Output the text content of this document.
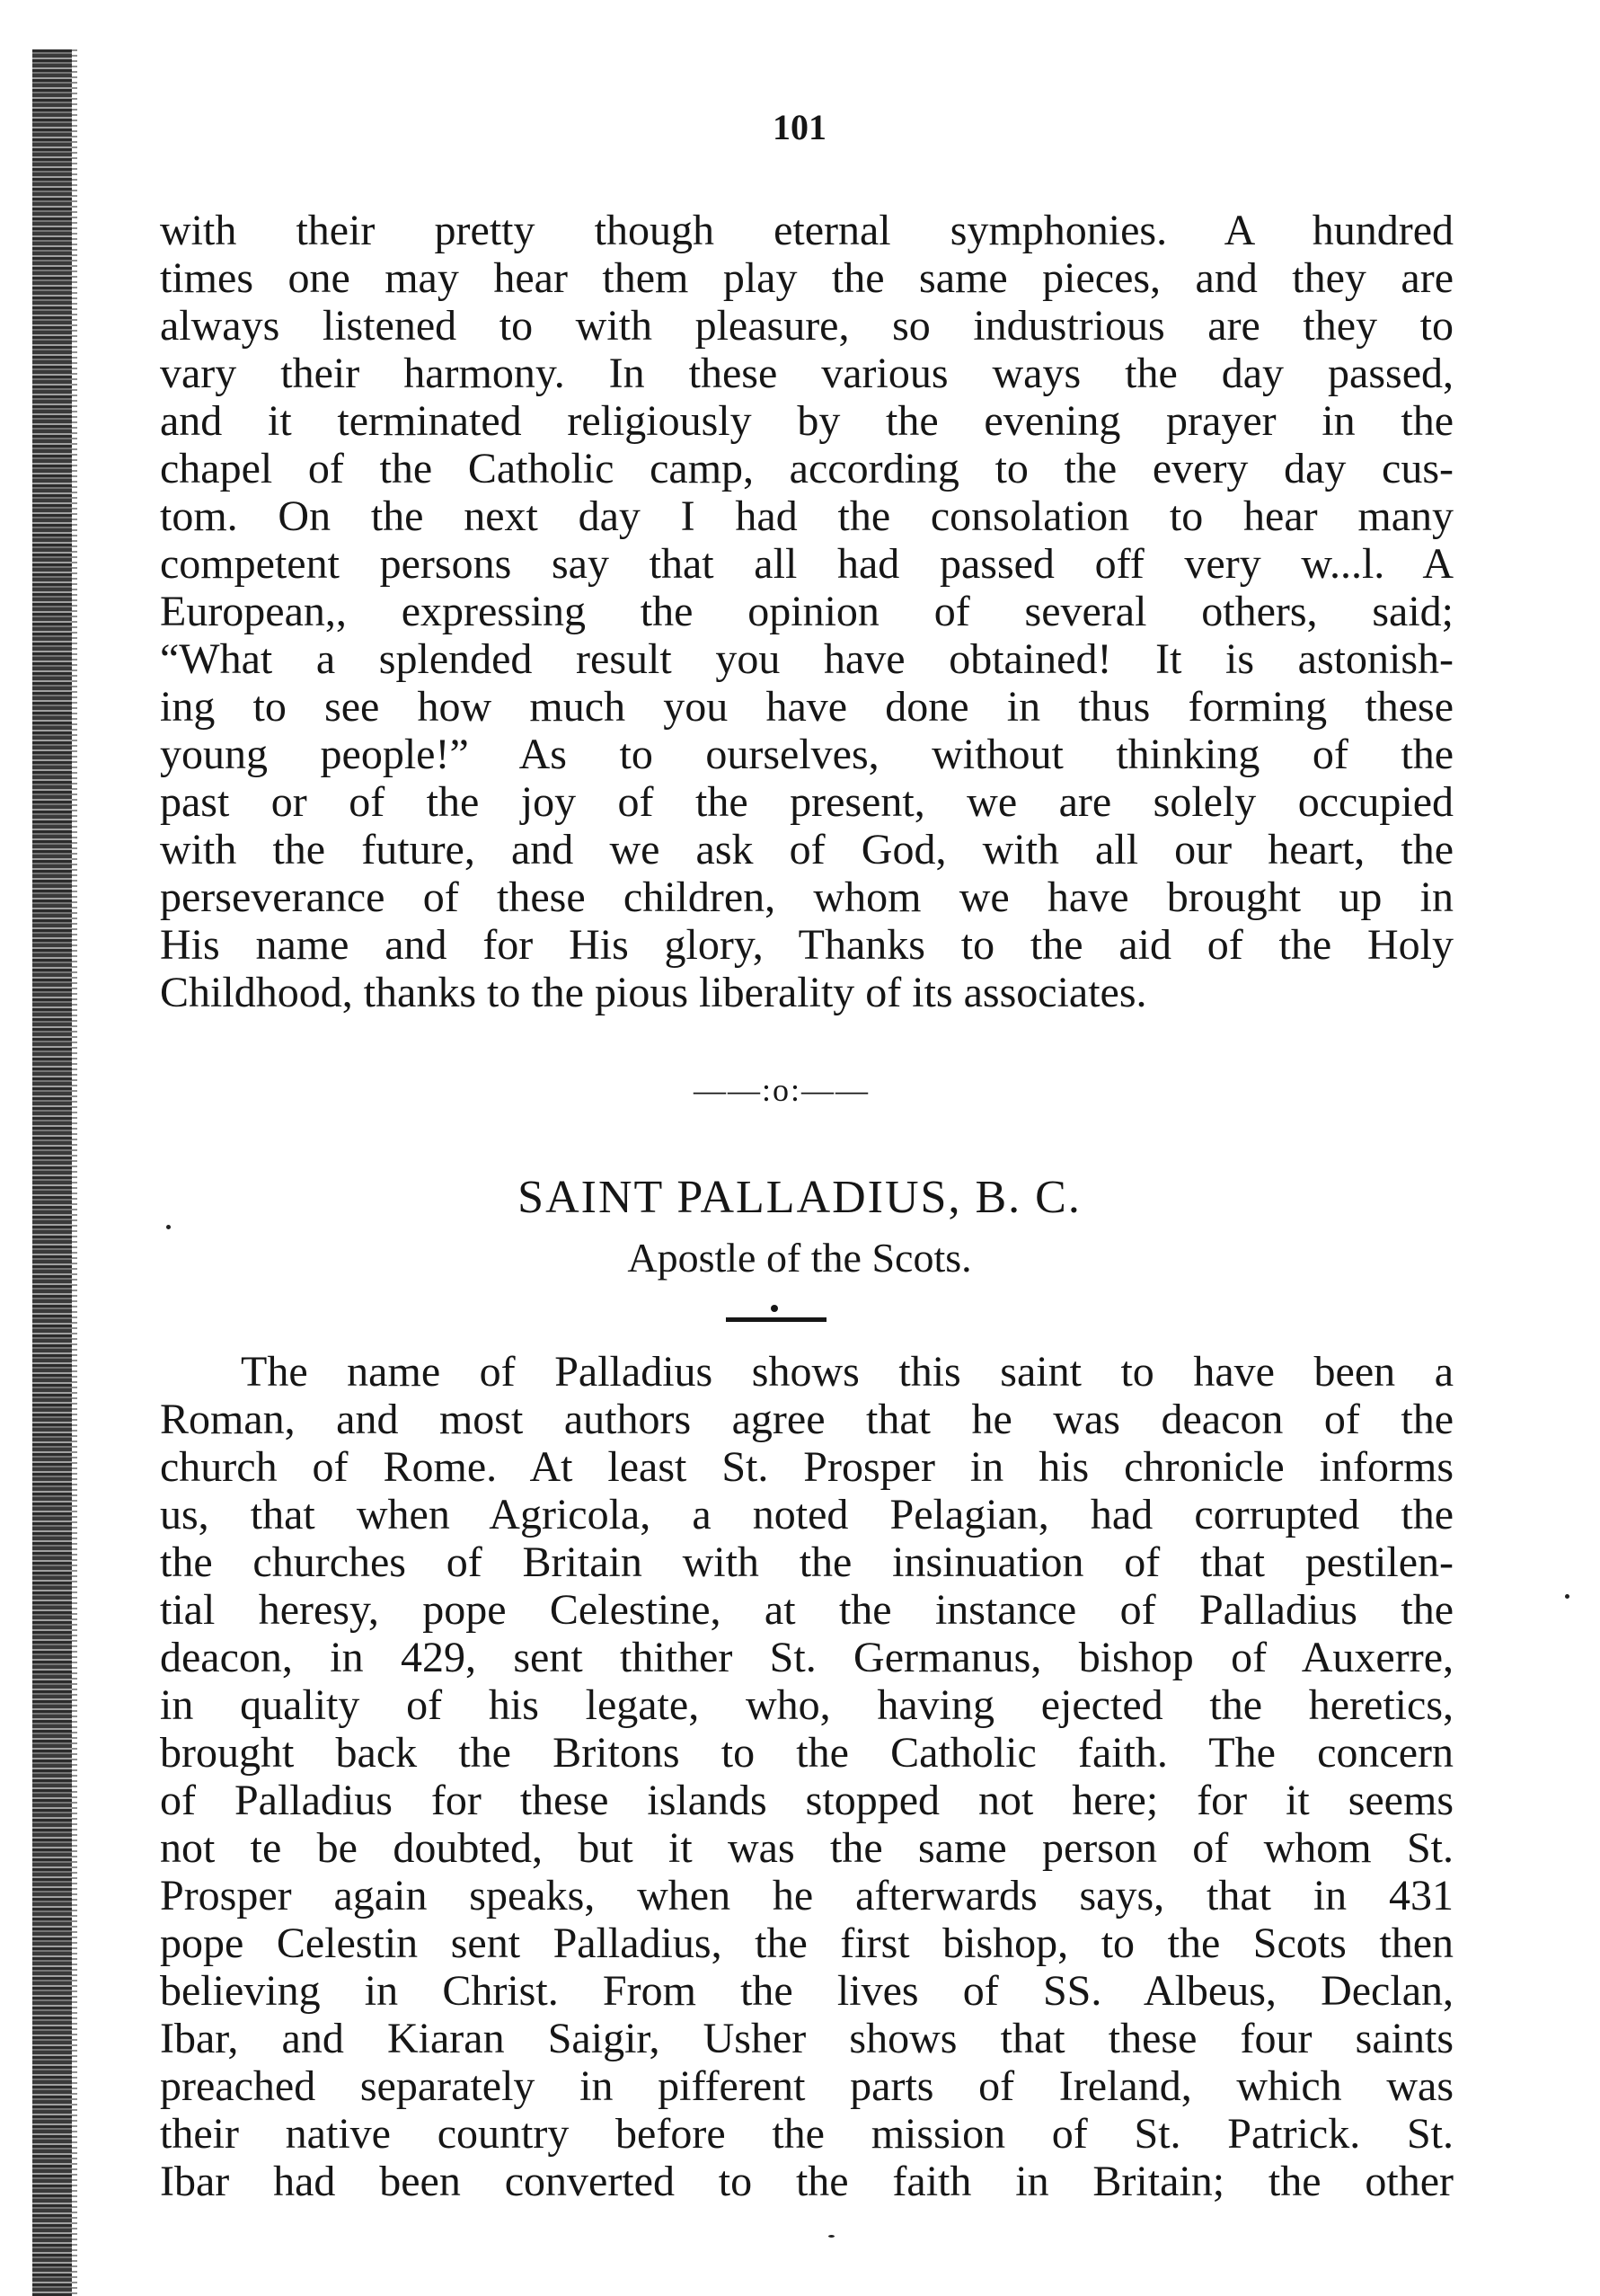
101
with their pretty though eternal symphonies. A hundred
times one may hear them play the same pieces, and they are
always listened to with pleasure, so industrious are they to
vary their harmony. In these various ways the day passed,
and it terminated religiously by the evening prayer in the
chapel of the Catholic camp, according to the every day cus-
tom. On the next day I had the consolation to hear many
competent persons say that all had passed off very w...l. A
European,, expressing the opinion of several others, said;
“What a splended result you have obtained! It is astonish-
ing to see how much you have done in thus forming these
young people!” As to ourselves, without thinking of the
past or of the joy of the present, we are solely occupied
with the future, and we ask of God, with all our heart, the
perseverance of these children, whom we have brought up in
His name and for His glory, Thanks to the aid of the Holy
Childhood, thanks to the pious liberality of its associates.
——:o:——
SAINT PALLADIUS, B. C.
Apostle of the Scots.
The name of Palladius shows this saint to have been a
Roman, and most authors agree that he was deacon of the
church of Rome. At least St. Prosper in his chronicle informs
us, that when Agricola, a noted Pelagian, had corrupted the
the churches of Britain with the insinuation of that pestilen-
tial heresy, pope Celestine, at the instance of Palladius the
deacon, in 429, sent thither St. Germanus, bishop of Auxerre,
in quality of his legate, who, having ejected the heretics,
brought back the Britons to the Catholic faith. The concern
of Palladius for these islands stopped not here; for it seems
not te be doubted, but it was the same person of whom St.
Prosper again speaks, when he afterwards says, that in 431
pope Celestin sent Palladius, the first bishop, to the Scots then
believing in Christ. From the lives of SS. Albeus, Declan,
Ibar, and Kiaran Saigir, Usher shows that these four saints
preached separately in pifferent parts of Ireland, which was
their native country before the mission of St. Patrick. St.
Ibar had been converted to the faith in Britain; the other
